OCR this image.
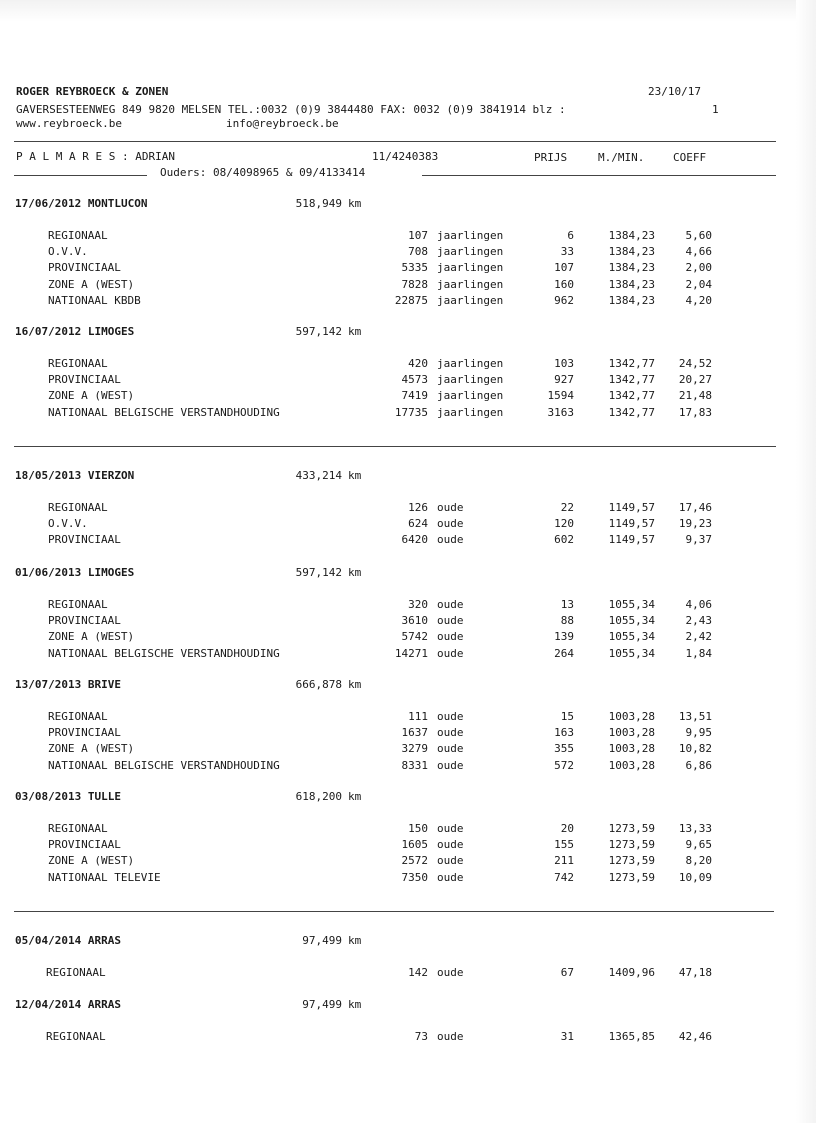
ROGER REYBROECK & ZONEN	23/10/17
GAVERSESTEENWEG 849 9820 MELSEN TEL.:0032 (0)9 3844480 FAX: 0032 (0)9 3841914 blz :	1
www.reybroeck.be	info@reybroeck.be
P A L M A R E S : ADRIAN	11/4240383	PRIJS	M./MIN.	COEFF
Ouders: 08/4098965 & 09/4133414
17/06/2012 MONTLUCON	518,949 km
REGIONAAL	107 jaarlingen	6	1384,23	5,60
O.V.V.	708 jaarlingen	33	1384,23	4,66
PROVINCIAAL	5335 jaarlingen	107	1384,23	2,00
ZONE A (WEST)	7828 jaarlingen	160	1384,23	2,04
NATIONAAL KBDB	22875 jaarlingen	962	1384,23	4,20
16/07/2012 LIMOGES	597,142 km
REGIONAAL	420 jaarlingen	103	1342,77	24,52
PROVINCIAAL	4573 jaarlingen	927	1342,77	20,27
ZONE A (WEST)	7419 jaarlingen	1594	1342,77	21,48
NATIONAAL BELGISCHE VERSTANDHOUDING	17735 jaarlingen	3163	1342,77	17,83
18/05/2013 VIERZON	433,214 km
REGIONAAL	126 oude	22	1149,57	17,46
O.V.V.	624 oude	120	1149,57	19,23
PROVINCIAAL	6420 oude	602	1149,57	9,37
01/06/2013 LIMOGES	597,142 km
REGIONAAL	320 oude	13	1055,34	4,06
PROVINCIAAL	3610 oude	88	1055,34	2,43
ZONE A (WEST)	5742 oude	139	1055,34	2,42
NATIONAAL BELGISCHE VERSTANDHOUDING	14271 oude	264	1055,34	1,84
13/07/2013 BRIVE	666,878 km
REGIONAAL	111 oude	15	1003,28	13,51
PROVINCIAAL	1637 oude	163	1003,28	9,95
ZONE A (WEST)	3279 oude	355	1003,28	10,82
NATIONAAL BELGISCHE VERSTANDHOUDING	8331 oude	572	1003,28	6,86
03/08/2013 TULLE	618,200 km
REGIONAAL	150 oude	20	1273,59	13,33
PROVINCIAAL	1605 oude	155	1273,59	9,65
ZONE A (WEST)	2572 oude	211	1273,59	8,20
NATIONAAL TELEVIE	7350 oude	742	1273,59	10,09
05/04/2014 ARRAS	97,499 km
REGIONAAL	142 oude	67	1409,96	47,18
12/04/2014 ARRAS	97,499 km
REGIONAAL	73 oude	31	1365,85	42,46
